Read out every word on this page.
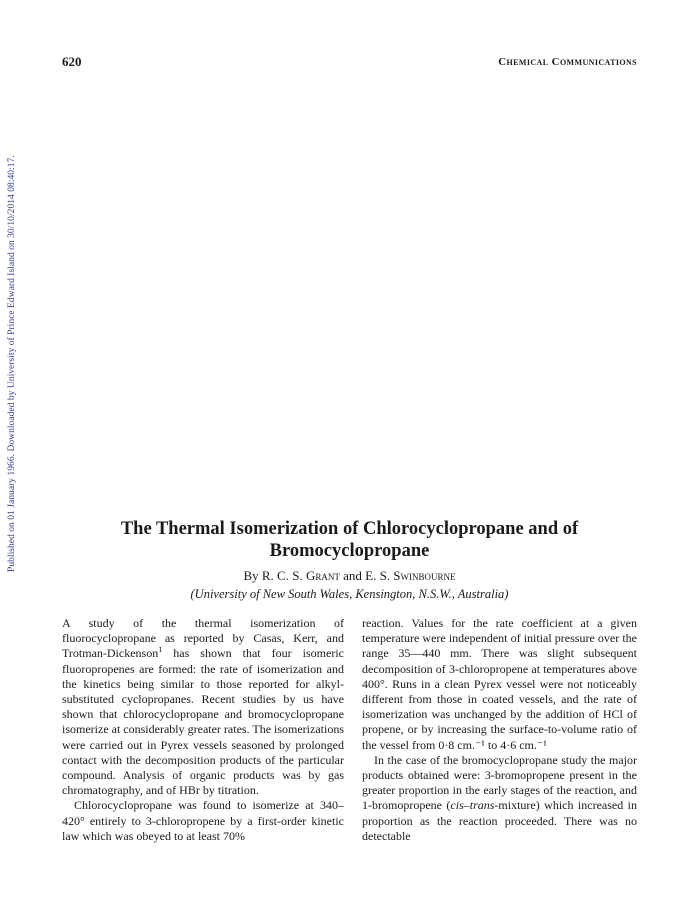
620	Chemical Communications
Published on 01 January 1966. Downloaded by University of Prince Edward Island on 30/10/2014 08:40:17.	The Thermal Isomerization of Chlorocyclopropane and of
Bromocyclopropane
By R. C. S. Grant and E. S. Swinbourne
(University of New South Wales, Kensington, N.S.W., Australia)

A study of the thermal isomerization of fluorocyclopropane as reported by Casas, Kerr, and Trotman-Dickenson$^1$ has shown that four isomeric fluoropropenes are formed: the rate of isomerization and the kinetics being similar to those reported for alkyl-substituted cyclopropanes. Recent studies by us have shown that chlorocyclopropane and bromocyclopropane isomerize at considerably greater rates. The isomerizations were carried out in Pyrex vessels seasoned by prolonged contact with the decomposition products of the particular compound. Analysis of organic products was by gas chromatography, and of HBr by titration.

Chlorocyclopropane was found to isomerize at 340–420° entirely to 3-chloropropene by a first-order kinetic law which was obeyed to at least 70%

reaction. Values for the rate coefficient at a given temperature were independent of initial pressure over the range 35—440 mm. There was slight subsequent decomposition of 3-chloropropene at temperatures above 400°. Runs in a clean Pyrex vessel were not noticeably different from those in coated vessels, and the rate of isomerization was unchanged by the addition of HCl of propene, or by increasing the surface-to-volume ratio of the vessel from 0·8 cm.⁻¹ to 4·6 cm.⁻¹

In the case of the bromocyclopropane study the major products obtained were: 3-bromopropene present in the greater proportion in the early stages of the reaction, and 1-bromopropene (cis–trans-mixture) which increased in proportion as the reaction proceeded. There was no detectable
